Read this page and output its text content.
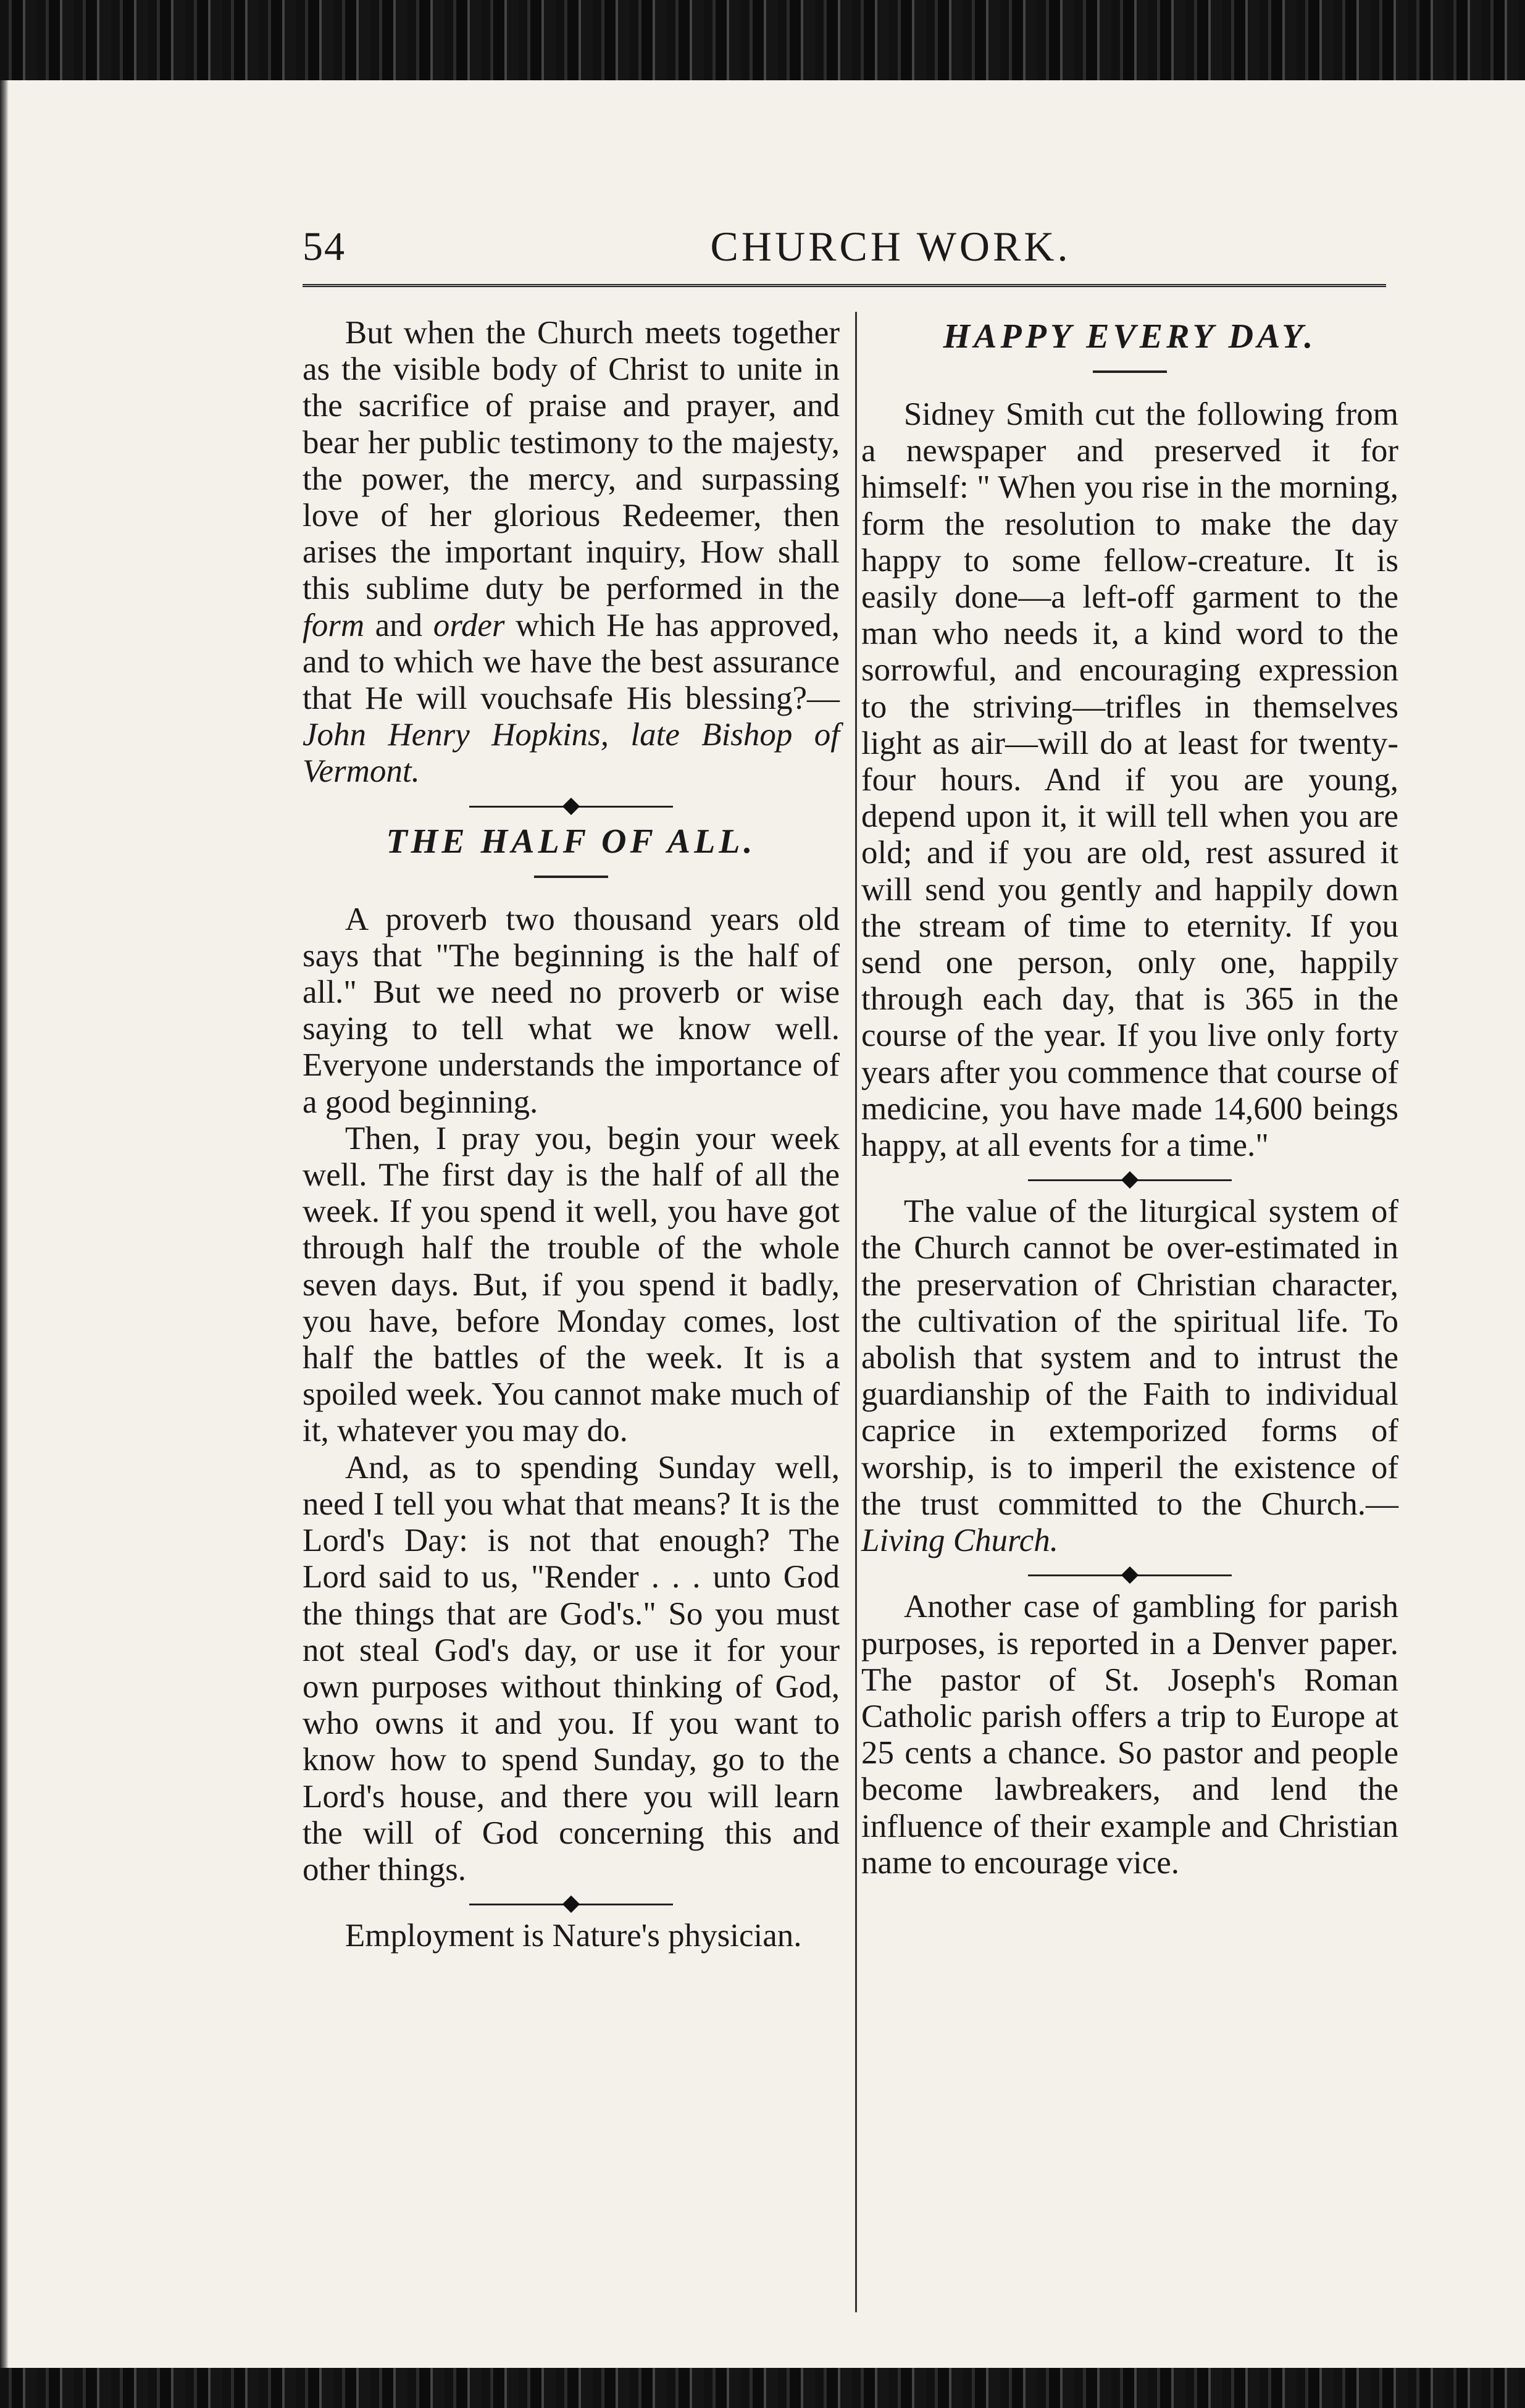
54	CHURCH WORK.

But when the Church meets together as the visible body of Christ to unite in the sacrifice of praise and prayer, and bear her public testimony to the majesty, the power, the mercy, and surpassing love of her glorious Redeemer, then arises the important inquiry, How shall this sublime duty be performed in the form and order which He has approved, and to which we have the best assurance that He will vouchsafe His blessing?—John Henry Hopkins, late Bishop of Vermont.

THE HALF OF ALL.

A proverb two thousand years old says that "The beginning is the half of all." But we need no proverb or wise saying to tell what we know well. Everyone understands the importance of a good beginning.

Then, I pray you, begin your week well. The first day is the half of all the week. If you spend it well, you have got through half the trouble of the whole seven days. But, if you spend it badly, you have, before Monday comes, lost half the battles of the week. It is a spoiled week. You cannot make much of it, whatever you may do.

And, as to spending Sunday well, need I tell you what that means? It is the Lord's Day: is not that enough? The Lord said to us, "Render . . . unto God the things that are God's." So you must not steal God's day, or use it for your own purposes without thinking of God, who owns it and you. If you want to know how to spend Sunday, go to the Lord's house, and there you will learn the will of God concerning this and other things.

Employment is Nature's physician.

HAPPY EVERY DAY.

Sidney Smith cut the following from a newspaper and preserved it for himself: " When you rise in the morning, form the resolution to make the day happy to some fellow-creature. It is easily done—a left-off garment to the man who needs it, a kind word to the sorrowful, and encouraging expression to the striving—trifles in themselves light as air—will do at least for twenty-four hours. And if you are young, depend upon it, it will tell when you are old; and if you are old, rest assured it will send you gently and happily down the stream of time to eternity. If you send one person, only one, happily through each day, that is 365 in the course of the year. If you live only forty years after you commence that course of medicine, you have made 14,600 beings happy, at all events for a time."

The value of the liturgical system of the Church cannot be over-estimated in the preservation of Christian character, the cultivation of the spiritual life. To abolish that system and to intrust the guardianship of the Faith to individual caprice in extemporized forms of worship, is to imperil the existence of the trust committed to the Church.—Living Church.

Another case of gambling for parish purposes, is reported in a Denver paper. The pastor of St. Joseph's Roman Catholic parish offers a trip to Europe at 25 cents a chance. So pastor and people become lawbreakers, and lend the influence of their example and Christian name to encourage vice.
